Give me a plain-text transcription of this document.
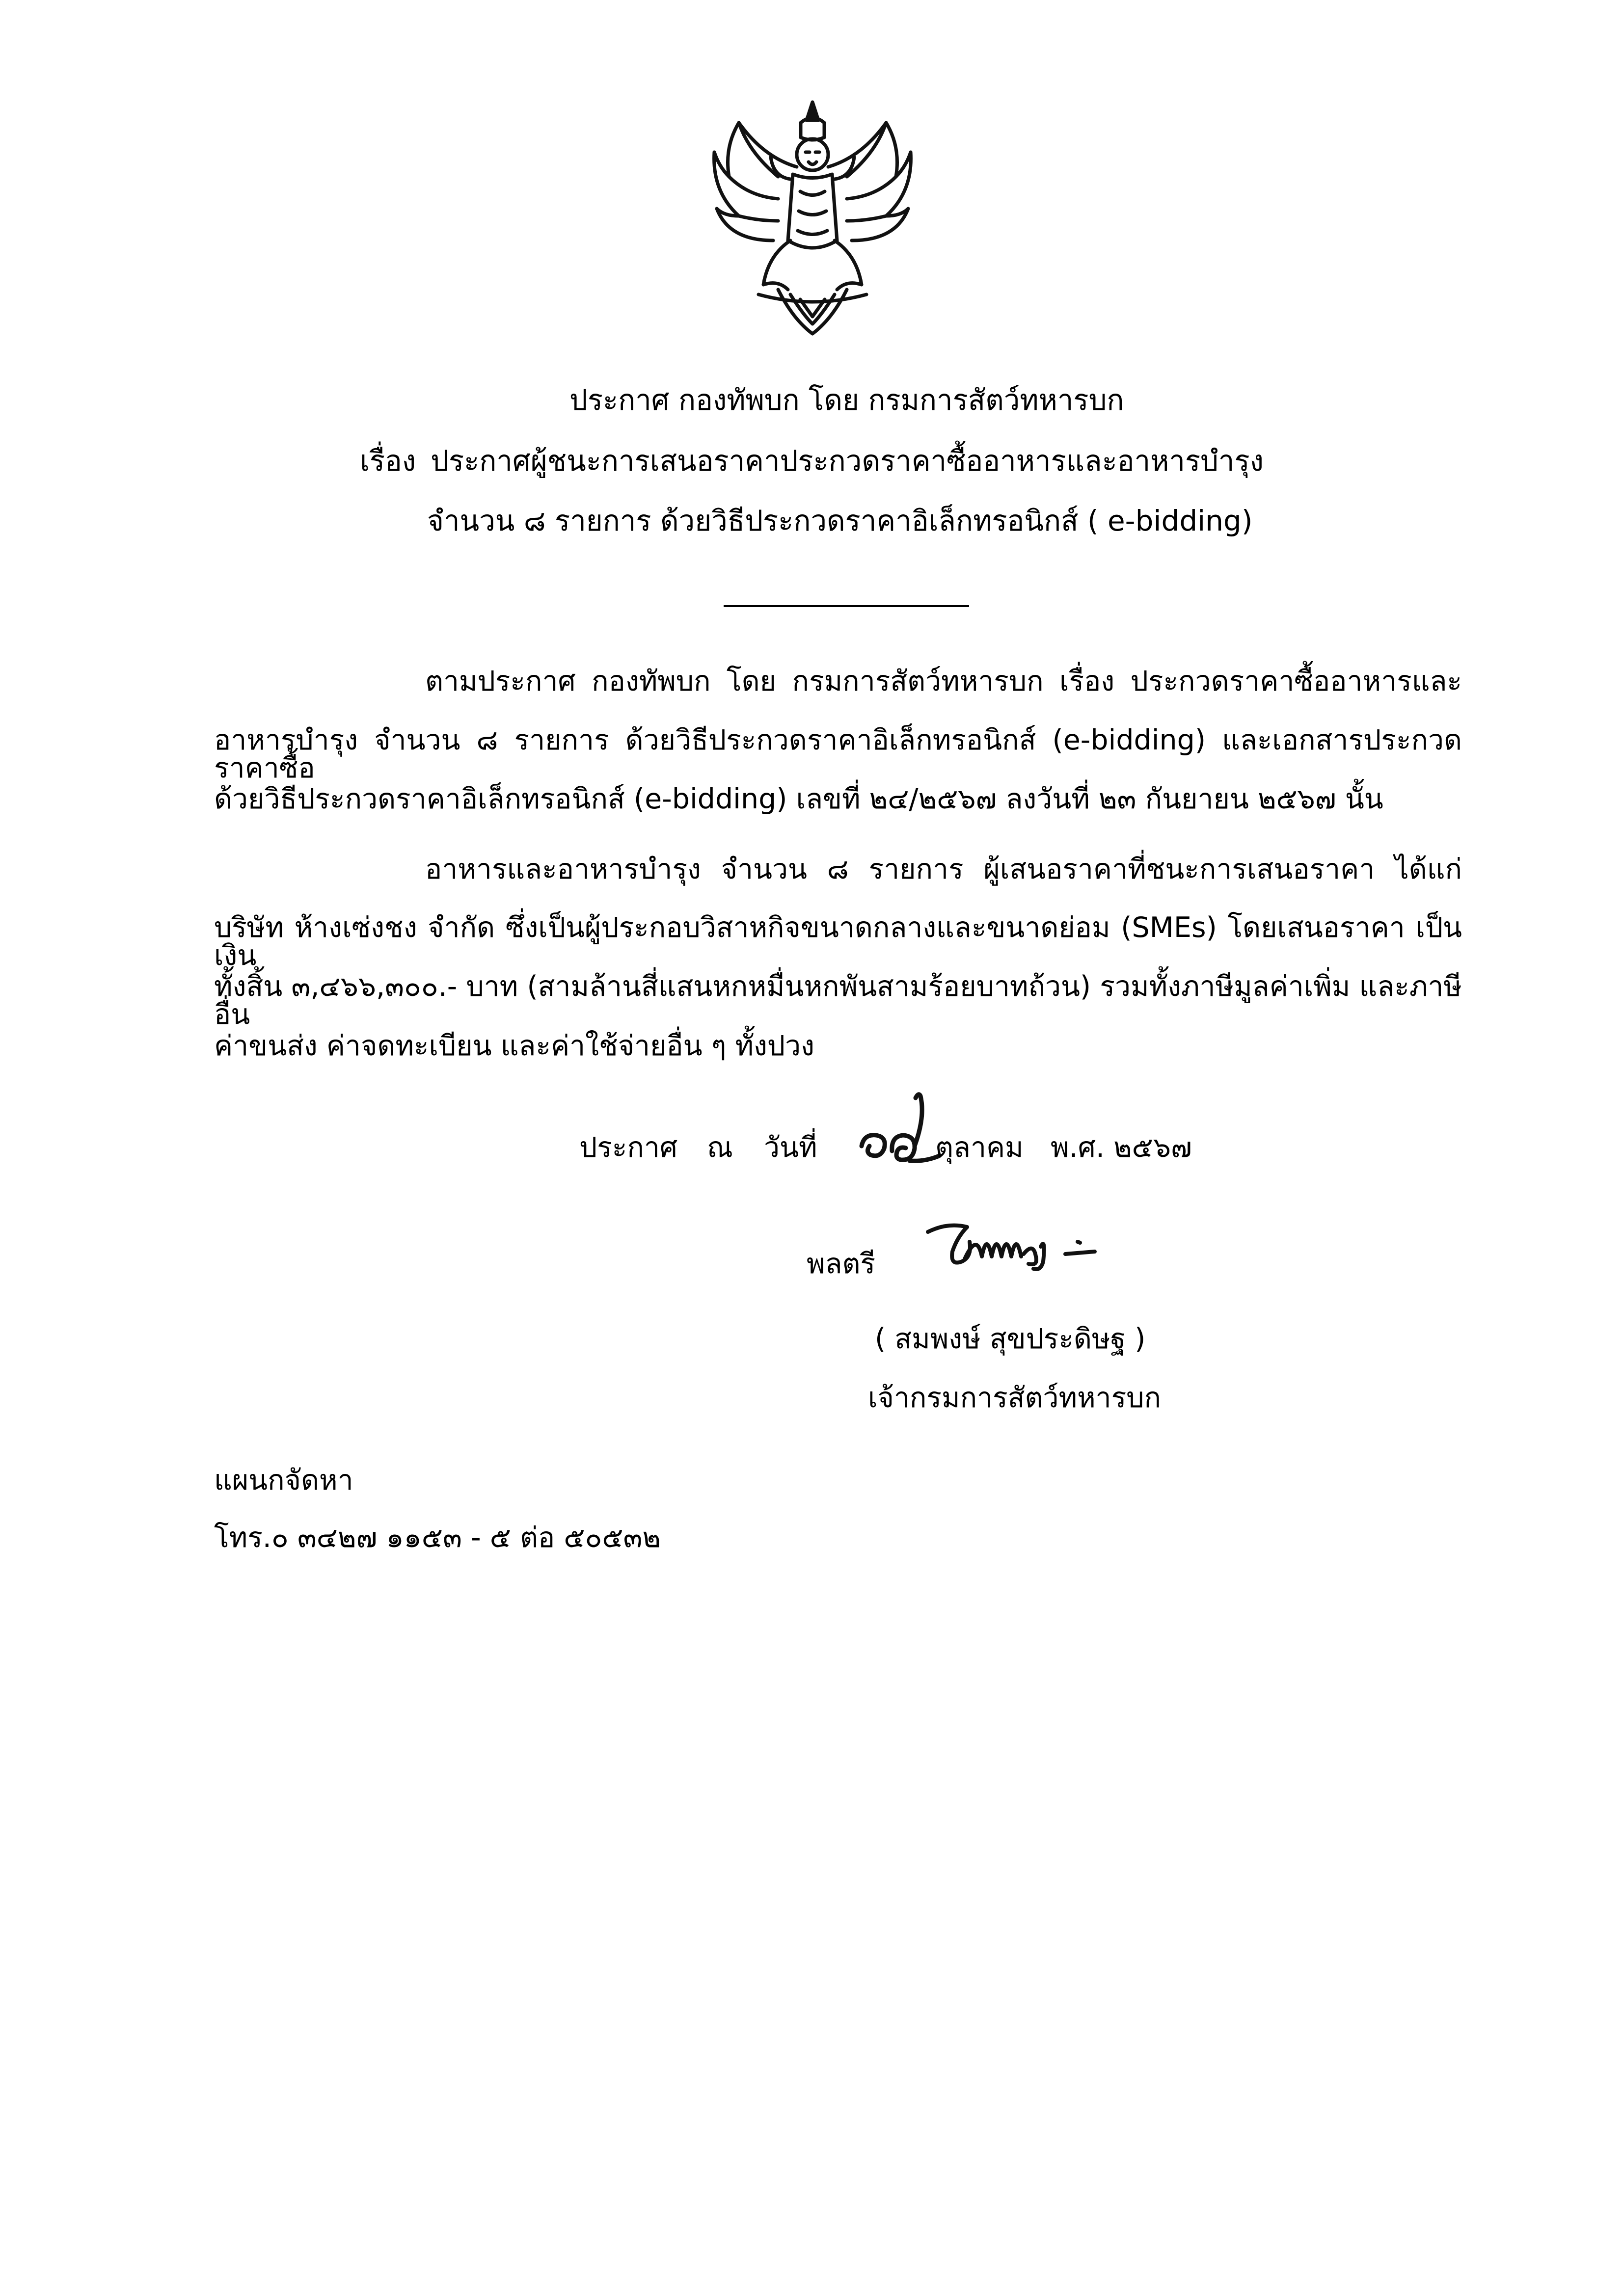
ประกาศ กองทัพบก โดย กรมการสัตว์ทหารบก
เรื่อง ประกาศผู้ชนะการเสนอราคาประกวดราคาซื้ออาหารและอาหารบำรุง
จำนวน ๘ รายการ ด้วยวิธีประกวดราคาอิเล็กทรอนิกส์ ( e-bidding)
ตามประกาศ กองทัพบก โดย กรมการสัตว์ทหารบก เรื่อง ประกวดราคาซื้ออาหารและ
อาหารบำรุง จำนวน ๘ รายการ ด้วยวิธีประกวดราคาอิเล็กทรอนิกส์ (e-bidding) และเอกสารประกวดราคาซื้อ
ด้วยวิธีประกวดราคาอิเล็กทรอนิกส์ (e-bidding) เลขที่ ๒๔/๒๕๖๗ ลงวันที่ ๒๓ กันยายน ๒๕๖๗ นั้น
อาหารและอาหารบำรุง จำนวน ๘ รายการ ผู้เสนอราคาที่ชนะการเสนอราคา ได้แก่
บริษัท ห้างเซ่งชง จำกัด ซึ่งเป็นผู้ประกอบวิสาหกิจขนาดกลางและขนาดย่อม (SMEs) โดยเสนอราคา เป็นเงิน
ทั้งสิ้น ๓,๔๖๖,๓๐๐.- บาท (สามล้านสี่แสนหกหมื่นหกพันสามร้อยบาทถ้วน) รวมทั้งภาษีมูลค่าเพิ่ม และภาษีอื่น
ค่าขนส่ง ค่าจดทะเบียน และค่าใช้จ่ายอื่น ๆ ทั้งปวง
ประกาศ ณ วันที่	ตุลาคม พ.ศ. ๒๕๖๗
พลตรี
( สมพงษ์ สุขประดิษฐ )
เจ้ากรมการสัตว์ทหารบก
แผนกจัดหา
โทร.๐ ๓๔๒๗ ๑๑๕๓ - ๕ ต่อ ๕๐๕๓๒
